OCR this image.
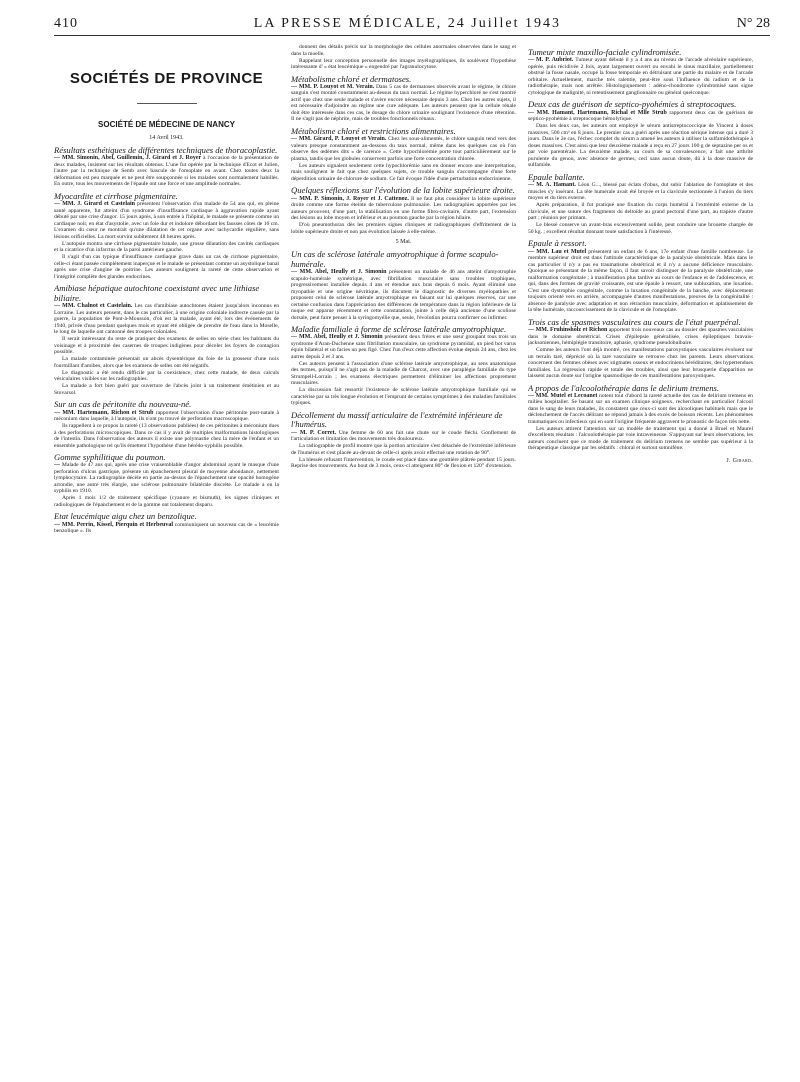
410	LA PRESSE MÉDICALE, 24 Juillet 1943	N° 28
SOCIÉTÉS DE PROVINCE
SOCIÉTÉ DE MÉDECINE DE NANCY
14 Avril 1943.

Résultats esthétiques de différentes techniques de thoracoplastie.
— MM. Simonin, Abel, Guillemin, J. Girard et J. Royer à l'occasion de la présentation de deux malades, insistent sur les résultats obtenus. L'une fut opérée par la technique d'Ecot et Julien, l'autre par la technique de Semb avec bascule de l'omoplate en avant. Chez toutes deux la déformation est peu marquée et ne peut être soupçonnée si les malades sont normalement habillés. En outre, tous les mouvements de l'épaule ont une force et une amplitude normales.

Myocardite et cirrhose pigmentaire.
— MM. J. Girard et Castelain présentent l'observation d'un malade de 54 ans qui, en pleine santé apparente, fut atteint d'un syndrome d'insuffisance cardiaque à aggravation rapide ayant débuté par une crise d'angor. 15 jours après, à son entrée à l'hôpital, le malade se présente comme un cardiaque noir, en état d'asystolie, avec un foie dur et indolore débordant les fausses côtes de 16 cm. L'examen du cœur ne montrait qu'une dilatation de cet organe avec tachycardie régulière, sans lésions orificielles. La mort survint subitement 48 heures après.

L'autopsie montra une cirrhose pigmentaire banale, une grosse dilatation des cavités cardiaques et la cicatrice d'un infarctus de la paroi antérieure gauche.

Il s'agit d'un cas typique d'insuffisance cardiaque grave dans un cas de cirrhose pigmentaire, celle-ci étant passée complètement inaperçue et le malade se présentant comme un asystolique banal après une crise d'angine de poitrine. Les auteurs soulignent la rareté de cette observation et l'intégrité complète des glandes endocrines.

Amibiase hépatique autochtone coexistant avec une lithiase biliaire.
— MM. Chalnot et Castelain. Les cas d'amibiase autochtones étaient jusqu'alors inconnus en Lorraine. Les auteurs pensent, dans le cas particulier, à une origine coloniale indirecte causée par la guerre, la population de Pont-à-Mousson, d'où est la malade, ayant été, lors des événements de 1940, privée d'eau pendant quelques mois et ayant été obligée de prendre de l'eau dans la Moselle, le long de laquelle ont cantonné des troupes coloniales.

Il serait intéressant du reste de pratiquer des examens de selles en série chez les habitants du voisinage et à proximité des casernes de troupes indigènes pour déceler les foyers de contagion possible.

La malade contaminée présentait un abcès dysentérique du foie de la grosseur d'une noix fourmillant d'amibes, alors que les examens de selles ont été négatifs.

Le diagnostic a été rendu difficile par la coexistence, chez cette malade, de deux calculs vésiculaires visibles sur les radiographies.

La malade a fort bien guéri par ouverture de l'abcès joint à un traitement émétinien et au Stovarsol.

Sur un cas de péritonite du nouveau-né.
— MM. Hartemann, Richon et Strub rapportent l'observation d'une péritonite post-natale à méconium dans laquelle, à l'autopsie, ils n'ont pu trouvé de perforation macroscopique.

Ils rappellent à ce propos la rareté (13 observations publiées) de ces péritonites à méconium dues à des perforations microscopiques. Dans ce cas il y avait de multiples malformations histologiques de l'intestin. Dans l'observation des auteurs il existe une polymastie chez la mère de l'enfant et un ensemble pathologique tel qu'ils émettent l'hypothèse d'une hérédo-syphilis possible.

Gomme syphilitique du poumon.
— Malade de 47 ans qui, après une crise vraisemblable d'angor abdominal ayant le masque d'une perforation d'ulcus gastrique, présente un épanchement pleural de moyenne abondance, nettement lymphocytaire. La radiographie décèle en partie au-dessus de l'épanchement une opacité homogène arrondie, une autre très élargie, une sclérose pulmonaire bilatérale discrète. Le malade a eu la syphilis en 1910.

Après 1 mois 1/2 de traitement spécifique (cyanure et bismuth), les signes cliniques et radiologiques de l'épanchement et de la gomme ont totalement disparu.

Etat leucémique aigu chez un benzolique.
— MM. Perrin, Kissel, Pierquin et Herbeuval communiquent un nouveau cas de « leucémie benzolique ». Ils

donnent des détails précis sur la morphologie des cellules anormales observées dans le sang et dans la moelle.

Rappelant leur conception personnelle des images myélographiques, ils soulèvent l'hypothèse intéressante d' « état leucémique » engendré par l'agranulocytose.

Métabolisme chloré et dermatoses.
— MM. P. Louyot et M. Verain. Dans 5 cas de dermatoses observés avant le régime, le chlore sanguin s'est montré constamment au-dessus du taux normal. Le régime hyperchloré ne s'est montré actif que chez une seule malade et s'avère encore nécessaire depuis 3 ans. Chez les autres sujets, il est nécessaire d'adjoindre au régime une cure adéquate. Les auteurs pensent que la cellule rénale doit être intéressée dans ces cas, le dosage du chlore urinaire soulignant l'existence d'une rétention. Il ne s'agit pas de néphrite, mais de troubles fonctionnels rénaux.

Métabolisme chloré et restrictions alimentaires.
— MM. Girard, P. Louyot et Verain. Chez les sous-alimentés, le chlore sanguin tend vers des valeurs presque constamment au-dessous du taux normal, même dans les quelques cas où l'on observe des œdèmes dits « de carence ». Cette hypochlorémie porte tout particulièrement sur le plasma, tandis que les globules conservent parfois une forte concentration chlorée.

Les auteurs signalent seulement cette hypochlorémie sans en donner encore une interprétation, mais soulignent le fait que chez quelques sujets, ce trouble sanguin s'accompagne d'une forte déperdition urinaire de chlorure de sodium. Ce fait évoque l'idée d'une perturbation endocrinienne.

Quelques réflexions sur l'évolution de la lobite supérieure droite.
— MM. P. Simonin, J. Royer et J. Cattenoz. Il ne faut plus considérer la lobite supérieure droite comme une forme éteinte de tuberculose pulmonaire. Les radiographies apportées par les auteurs prouvent, d'une part, la stabilisation en une forme fibro-cavitaire, d'autre part, l'extension des lésions au lobe moyen et inférieur et au poumon gauche par la région hilaire.

D'où pneumothorax dès les premiers signes cliniques et radiographiques d'effritement de la lobite supérieure droite et non pas évolution laissée à elle-même.

5 Mai.

Un cas de sclérose latérale amyotrophique à forme scapulo-humérale.
— MM. Abel, Heully et J. Simonin présentent un malade de 46 ans atteint d'amyotrophie scapulo-humérale symétrique, avec fibrillation musculaire sans troubles trophiques, progressivement installée depuis 4 ans et étendue aux bras depuis 6 mois. Ayant éliminé une myopathie et une origine névritique, ils discutent le diagnostic de diverses myélopathies et proposent celui de sclérose latérale amyotrophique en faisant sur lui quelques réserves, car une certaine confusion dans l'appréciation des différences de température dans la région inférieure de la nuque est apparue récemment et cette constatation, jointe à celle déjà ancienne d'une scoliose dorsale, peut faire penser à la syringomyélie que, seule, l'évolution pourra confirmer ou infirmer.

Maladie familiale à forme de sclérose latérale amyotrophique.
— MM. Abel, Heully et J. Simonin présentent deux frères et une sœur groupant tous trois un syndrome d'Aran-Duchenne sans fibrillation musculaire, un syndrome pyramidal, un pied bot varus équin bilatéral et un facies un peu figé. Chez l'un d'eux cette affection évolue depuis 24 ans, chez les autres depuis 2 et 3 ans.

Ces auteurs pensent à l'association d'une sclérose latérale amyotrophique, au sens anatomique des termes, puisqu'il ne s'agit pas de la maladie de Charcot, avec une paraplégie familiale du type Strumpell-Lorrain ; les examens électriques permettent d'éliminer les affections proprement musculaires.

La discussion fait ressortir l'existence de sclérose latérale amyotrophique familiale qui se caractérise par sa très longue évolution et l'emprunt de certains symptômes à des maladies familiales typiques.

Décollement du massif articulaire de l'extrémité inférieure de l'humérus.
— M. P. Corret. Une femme de 60 ans fait une chute sur le coude fléchi. Gonflement de l'articulation et limitation des mouvements très douloureux.

La radiographie de profil montre que la portion articulaire s'est détachée de l'extrémité inférieure de l'humérus et s'est placée au-devant de celle-ci après avoir effectué une rotation de 90°.

La blessée refusant l'intervention, le coude est placé dans une gouttière plâtrée pendant 15 jours. Reprise des mouvements. Au bout de 3 mois, ceux-ci atteignent 80° de flexion et 120° d'extension.

Tumeur mixte maxillo-faciale cylindromisée.
— M. P. Aubriot. Tumeur ayant débuté il y a 4 ans au niveau de l'arcade alvéolaire supérieure, opérée, puis récidivée 2 fois, ayant largement ouvert ou envahi le sinus maxillaire, partiellement obstrué la fosse nasale, occupé la fosse temporale en détruisant une partie du malaire et de l'arcade orbitaire. Actuellement, marche très ralentie, peut-être sous l'influence du radium et de la radiothérapie, mais non arrêtée. Histologiquement : adéno-chondrome cylindromisé sans signe cytologique de malignité, ni retentissement ganglionnaire ou général quelconque.

Deux cas de guérison de septico-pyohémies à streptocoques.
— MM. Hamant, Hartemann, Richal et Mlle Strub rapportent deux cas de guérison de septico-pyohémie à streptocoque hémolytique.

Dans les deux cas, les auteurs ont employé le sérum antistreptococcique de Vincent à doses massives, 500 cm³ en 8 jours. Le premier cas a guéri après une réaction sérique intense qui a duré 3 jours. Dans le 2e cas, l'échec complet du sérum a amené les auteurs à utiliser la sulfamidothérapie à doses massives. C'est ainsi que leur deuxième malade a reçu en 27 jours 100 g de septazine per os et par voie parentérale. La deuxième malade, au cours de sa convalescence, a fait une arthrite purulente du genou, avec absence de germes, ceci sans aucun doute, dû à la dose massive de sulfamide.

Epaule ballante.
— M. A. Hamant. Léon G..., blessé par éclats d'obus, dut subir l'ablation de l'omoplate et des muscles s'y insérant. La tête humérale avait été broyée et la clavicule sectionnée à l'union du tiers moyen et du tiers externe.

Après préparation, il fut pratiqué une fixation du corps huméral à l'extrémité externe de la clavicule, et une suture des fragments du deltoïde au grand pectoral d'une part, au trapèze d'autre part ; réunion per primam.

Le blessé conserve un avant-bras excessivement solide, peut conduire une brouette chargée de 50 kg. ; excellent résultat donnant toute satisfaction à l'intéressé.

Epaule à ressort.
— MM. Lau et Mutel présentent un enfant de 6 ans, 17e enfant d'une famille nombreuse. Le membre supérieur droit est dans l'attitude caractéristique de la paralysie obstétricale. Mais dans le cas particulier il n'y a pas eu traumatisme obstétrical et il n'y a aucune déficience musculaire. Quoique se présentant de la même façon, il faut savoir distinguer de la paralysie obstétricale, une malformation congénitale ; à manifestation plus tardive au cours de l'enfance et de l'adolescence, et qui, dans des formes de gravité croissante, est une épaule à ressort, une subluxation, une luxation. C'est une dystrophie congénitale, comme la luxation congénitale de la hanche, avec déplacement toujours orienté vers en arrière, accompagnée d'autres manifestations, preuves de la congénitalité : absence de paralysie avec adaptation et non rétraction musculaire, déformation et aplatissement de la tête humérale, raccourcissement de la clavicule et de l'omoplate.

Trois cas de spasmes vasculaires au cours de l'état puerpéral.
— MM. Fruhinsholz et Richon apportent trois nouveaux cas au dossier des spasmes vasculaires dans le domaine obstétrical. Crises d'épilepsie généralisée, crises épileptiques bravais-jacksoniennes, hémiplégie transitoire, aphasie, syndrome pseudobulbaire.

Comme les auteurs l'ont déjà montré, ces manifestations paroxystiques vasculaires évoluent sur un terrain taré, déprécié où la tare vasculaire se retrouve chez les parents. Leurs observations concernent des femmes obèses avec stigmates osseux et endocriniens héréditaires, des hypertendues familiales. La régression rapide et totale des troubles, ainsi que leur brusquerie d'apparition ne laissent aucun doute sur l'origine spasmodique de ces manifestations paroxystiques.

A propos de l'alcoolothérapie dans le delirium tremens.
— MM. Mutel et Lecoanet notent tout d'abord la rareté actuelle des cas de delirium tremens en milieu hospitalier. Se basant sur un examen clinique soigneux, recherchant en particulier l'alcool dans le sang de leurs malades, ils constatent que ceux-ci sont des alcooliques habituels mais que le déclenchement de l'accès délirant ne répond jamais à des excès de boisson récents. Les phénomènes traumatiques ou infectieux qui en sont l'origine fréquente aggravent le pronostic de façon très nette.

Les auteurs attirent l'attention sur un modèle de traitement qui a donné à Bruel et Maurel d'excellents résultats : l'alcoolothérapie par voie intraveineuse. S'appuyant sur leurs observations, les auteurs concluent que ce mode de traitement du delirium tremens ne semble pas supérieur à la thérapeutique classique par les sédatifs : chloral et surtout somnifène.

J. Girard.
